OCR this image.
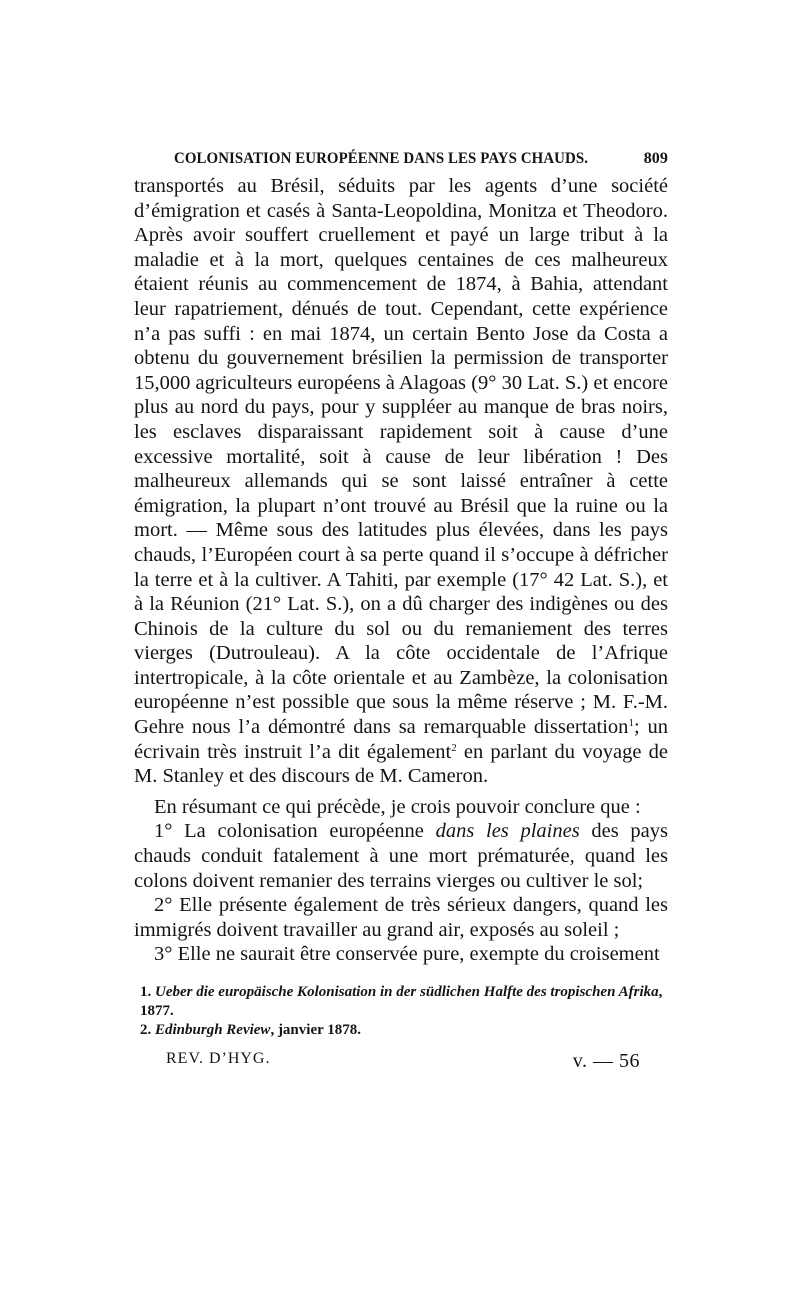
COLONISATION EUROPÉENNE DANS LES PAYS CHAUDS.	809

transportés au Brésil, séduits par les agents d’une société d’émigration et casés à Santa-Leopoldina, Monitza et Theodoro. Après avoir souffert cruellement et payé un large tribut à la maladie et à la mort, quelques centaines de ces malheureux étaient réunis au commencement de 1874, à Bahia, attendant leur rapatriement, dénués de tout. Cependant, cette expérience n’a pas suffi : en mai 1874, un certain Bento Jose da Costa a obtenu du gouvernement brésilien la permission de transporter 15,000 agriculteurs européens à Alagoas (9° 30 Lat. S.) et encore plus au nord du pays, pour y suppléer au manque de bras noirs, les esclaves disparaissant rapidement soit à cause d’une excessive mortalité, soit à cause de leur libération ! Des malheureux allemands qui se sont laissé entraîner à cette émigration, la plupart n’ont trouvé au Brésil que la ruine ou la mort. — Même sous des latitudes plus élevées, dans les pays chauds, l’Européen court à sa perte quand il s’occupe à défricher la terre et à la cultiver. A Tahiti, par exemple (17° 42 Lat. S.), et à la Réunion (21° Lat. S.), on a dû charger des indigènes ou des Chinois de la culture du sol ou du remaniement des terres vierges (Dutrouleau). A la côte occidentale de l’Afrique intertropicale, à la côte orientale et au Zambèze, la colonisation européenne n’est possible que sous la même réserve ; M. F.-M. Gehre nous l’a démontré dans sa remarquable dissertation$^1$; un écrivain très instruit l’a dit également$^2$ en parlant du voyage de M. Stanley et des discours de M. Cameron.

En résumant ce qui précède, je crois pouvoir conclure que :

1° La colonisation européenne dans les plaines des pays chauds conduit fatalement à une mort prématurée, quand les colons doivent remanier des terrains vierges ou cultiver le sol;

2° Elle présente également de très sérieux dangers, quand les immigrés doivent travailler au grand air, exposés au soleil ;

3° Elle ne saurait être conservée pure, exempte du croisement

1. Ueber die europäische Kolonisation in der südlichen Halfte des tropischen Afrika, 1877.
2. Edinburgh Review, janvier 1878.
REV. D’HYG.	v. — 56
